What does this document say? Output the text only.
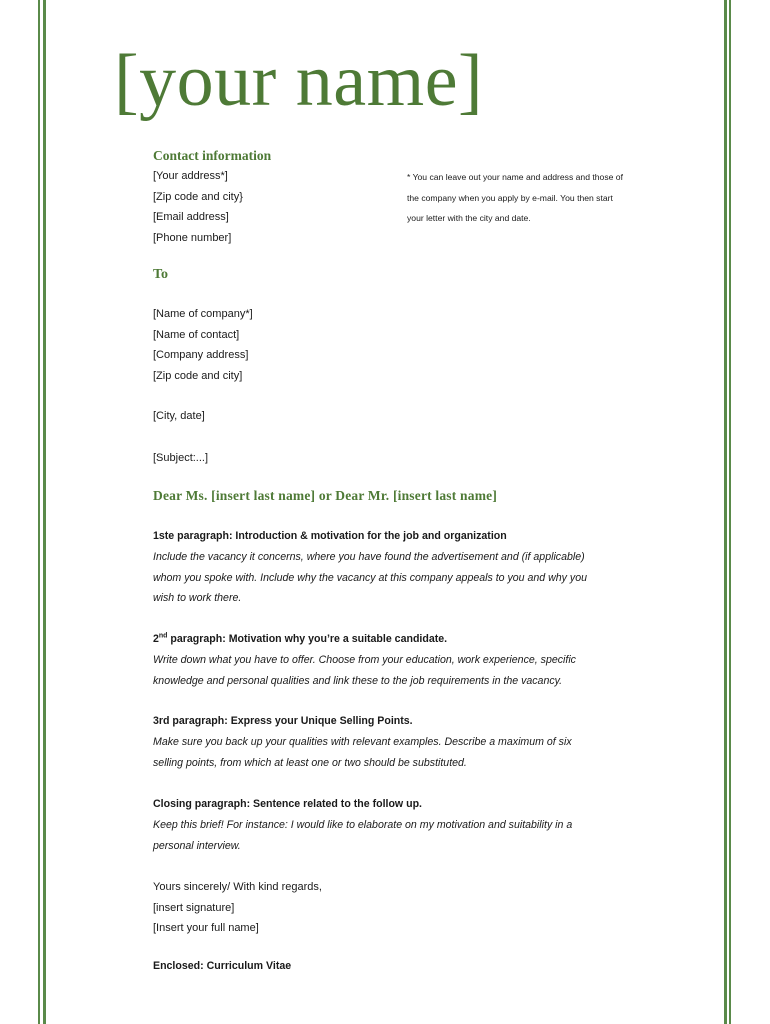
[your name]
Contact information
[Your address*]
[Zip code and city}
[Email address]
[Phone number]
* You can leave out your name and address and those of
the company when you apply by e-mail. You then start
your letter with the city and date.
To
[Name of company*]
[Name of contact]
[Company address]
[Zip code and city]
[City, date]
[Subject:...]
Dear Ms. [insert last name] or Dear Mr. [insert last name]
1ste paragraph: Introduction & motivation for the job and organization
Include the vacancy it concerns, where you have found the advertisement and (if applicable)
whom you spoke with. Include why the vacancy at this company appeals to you and why you
wish to work there.
2nd paragraph: Motivation why you’re a suitable candidate.
Write down what you have to offer. Choose from your education, work experience, specific
knowledge and personal qualities and link these to the job requirements in the vacancy.
3rd paragraph: Express your Unique Selling Points.
Make sure you back up your qualities with relevant examples. Describe a maximum of six
selling points, from which at least one or two should be substituted.
Closing paragraph: Sentence related to the follow up.
Keep this brief! For instance: I would like to elaborate on my motivation and suitability in a
personal interview.
Yours sincerely/ With kind regards,
[insert signature]
[Insert your full name]
Enclosed: Curriculum Vitae
